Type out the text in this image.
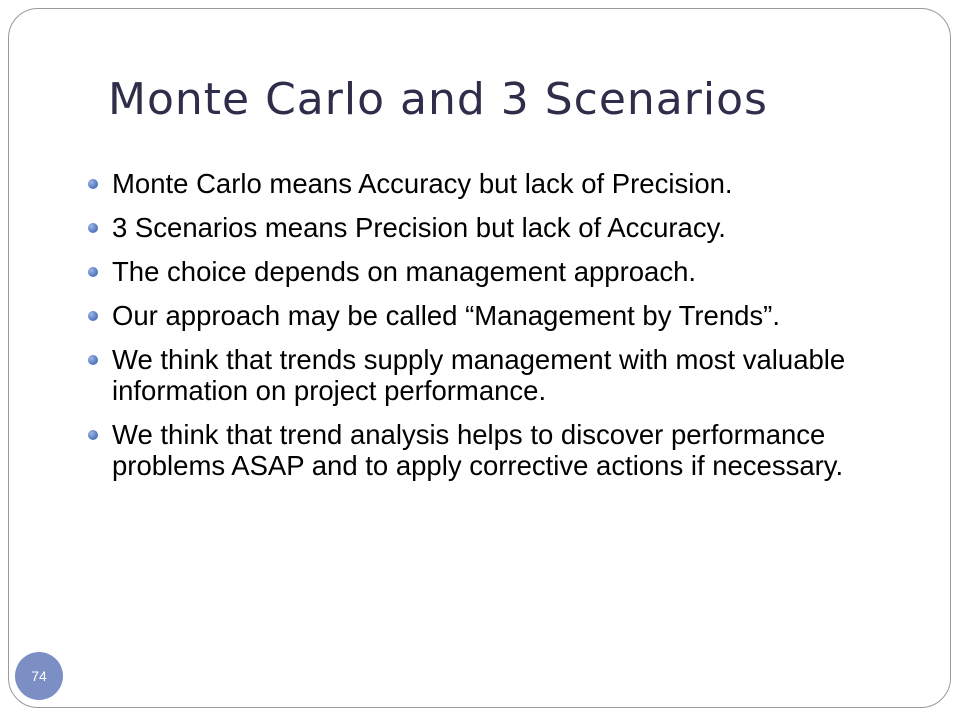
Monte Carlo and 3 Scenarios
Monte Carlo means Accuracy but lack of Precision.
3 Scenarios means Precision but lack of Accuracy.
The choice depends on management approach.
Our approach may be called “Management by Trends”.
We think that trends supply management with most valuable information on project performance.
We think that trend analysis helps to discover performance problems ASAP and to apply corrective actions if necessary.
74
